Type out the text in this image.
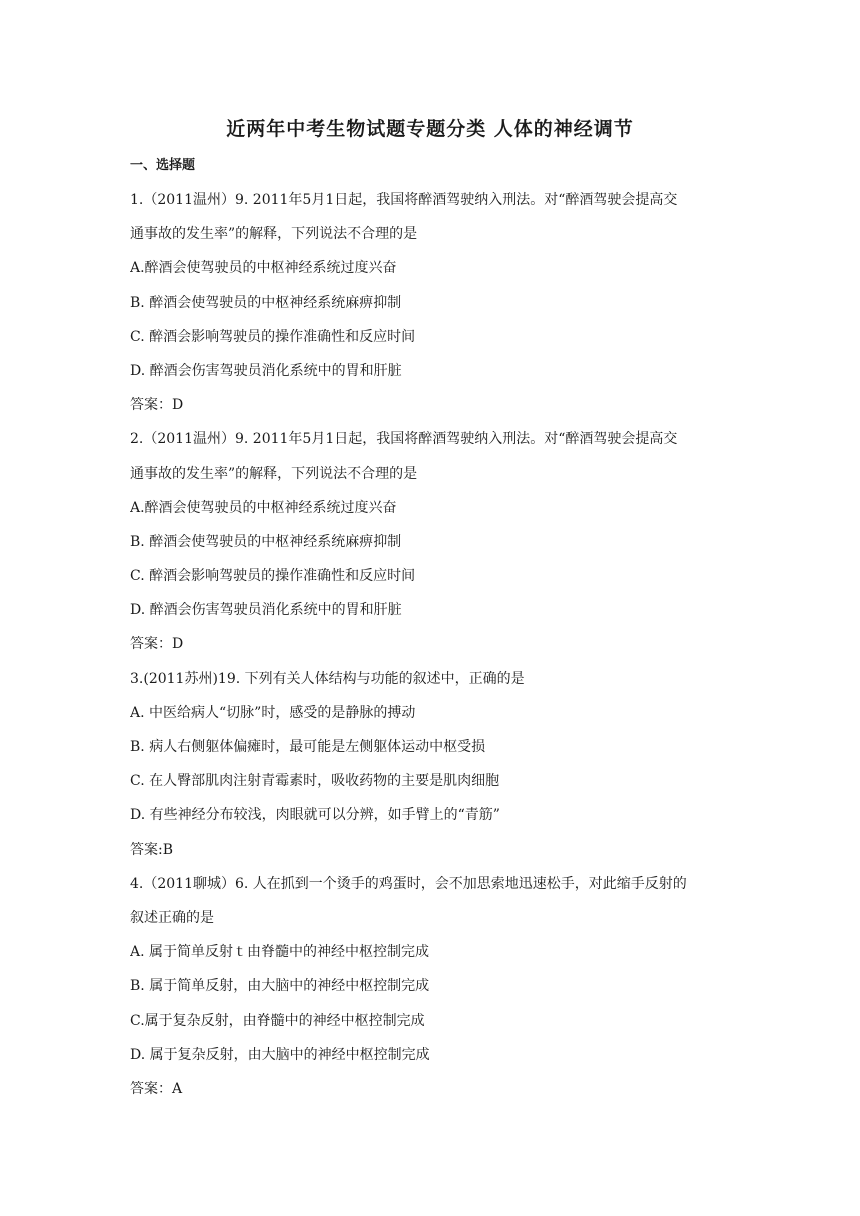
近两年中考生物试题专题分类 人体的神经调节
一、选择题
1.（2011温州）9. 2011年5月1日起，我国将醉酒驾驶纳入刑法。对“醉酒驾驶会提高交
通事故的发生率”的解释，下列说法不合理的是
A.醉酒会使驾驶员的中枢神经系统过度兴奋
B. 醉酒会使驾驶员的中枢神经系统麻痹抑制
C. 醉酒会影响驾驶员的操作准确性和反应时间
D. 醉酒会伤害驾驶员消化系统中的胃和肝脏
答案：D
2.（2011温州）9. 2011年5月1日起，我国将醉酒驾驶纳入刑法。对“醉酒驾驶会提高交
通事故的发生率”的解释，下列说法不合理的是
A.醉酒会使驾驶员的中枢神经系统过度兴奋
B. 醉酒会使驾驶员的中枢神经系统麻痹抑制
C. 醉酒会影响驾驶员的操作准确性和反应时间
D. 醉酒会伤害驾驶员消化系统中的胃和肝脏
答案：D
3.(2011苏州)19. 下列有关人体结构与功能的叙述中，正确的是
A. 中医给病人“切脉”时，感受的是静脉的搏动
B. 病人右侧躯体偏瘫时，最可能是左侧躯体运动中枢受损
C. 在人臀部肌肉注射青霉素时，吸收药物的主要是肌肉细胞
D. 有些神经分布较浅，肉眼就可以分辨，如手臂上的“青筋”
答案:B
4.（2011聊城）6. 人在抓到一个烫手的鸡蛋时，会不加思索地迅速松手，对此缩手反射的
叙述正确的是
A. 属于简单反射ｔ由脊髓中的神经中枢控制完成
B. 属于简单反射，由大脑中的神经中枢控制完成
C.属于复杂反射，由脊髓中的神经中枢控制完成
D. 属于复杂反射，由大脑中的神经中枢控制完成
答案：A
